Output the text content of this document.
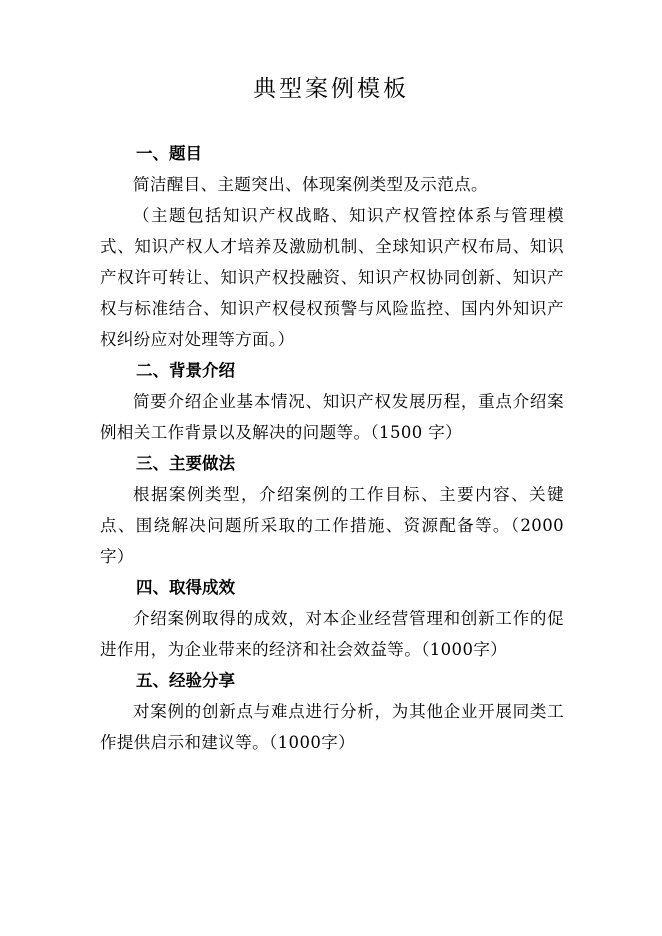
典型案例模板

一、题目

简洁醒目、主题突出、体现案例类型及示范点。

（主题包括知识产权战略、知识产权管控体系与管理模式、知识产权人才培养及激励机制、全球知识产权布局、知识产权许可转让、知识产权投融资、知识产权协同创新、知识产权与标准结合、知识产权侵权预警与风险监控、国内外知识产权纠纷应对处理等方面。）

二、背景介绍

简要介绍企业基本情况、知识产权发展历程，重点介绍案例相关工作背景以及解决的问题等。（1500 字）

三、主要做法

根据案例类型，介绍案例的工作目标、主要内容、关键点、围绕解决问题所采取的工作措施、资源配备等。（2000字）

四、取得成效

介绍案例取得的成效，对本企业经营管理和创新工作的促进作用，为企业带来的经济和社会效益等。（1000字）

五、经验分享

对案例的创新点与难点进行分析，为其他企业开展同类工作提供启示和建议等。（1000字）
